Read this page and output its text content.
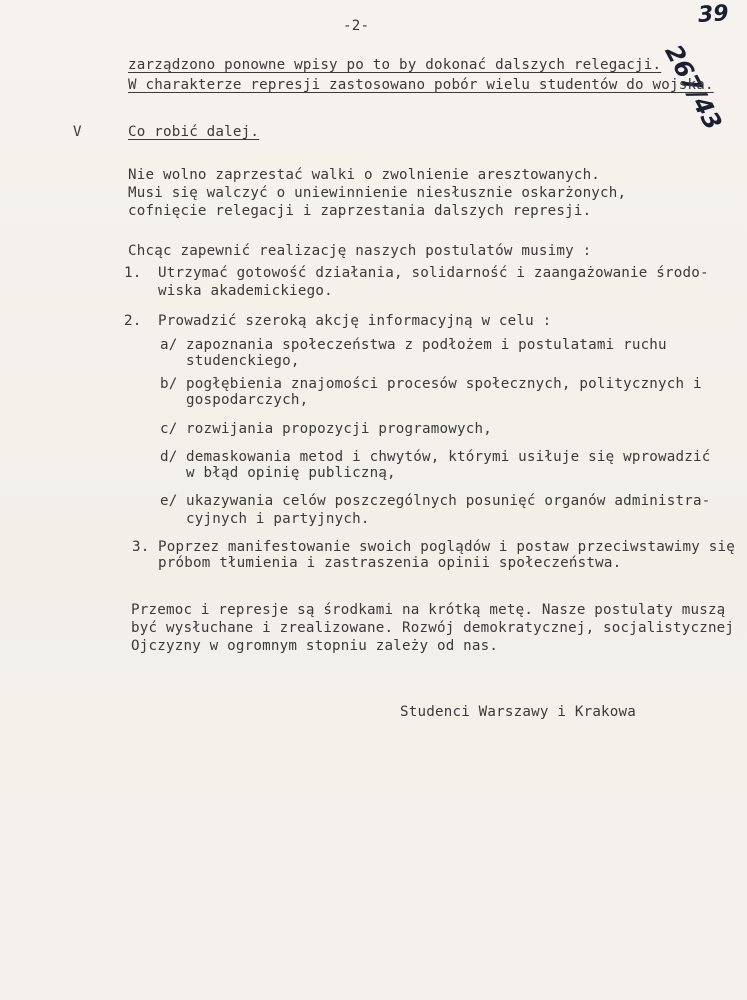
-2-	39
267/43
zarządzono ponowne wpisy po to by dokonać dalszych relegacji.
W charakterze represji zastosowano pobór wielu studentów do wojska.
V	Co robić dalej.
Nie wolno zaprzestać walki o zwolnienie aresztowanych.
Musi się walczyć o uniewinnienie niesłusznie oskarżonych,
cofnięcie relegacji i zaprzestania dalszych represji.
Chcąc zapewnić realizację naszych postulatów musimy :
1. Utrzymać gotowość działania, solidarność i zaangażowanie środo-
wiska akademickiego.
2. Prowadzić szeroką akcję informacyjną w celu :
a/ zapoznania społeczeństwa z podłożem i postulatami ruchu
studenckiego,
b/ pogłębienia znajomości procesów społecznych, politycznych i
gospodarczych,
c/ rozwijania propozycji programowych,
d/ demaskowania metod i chwytów, którymi usiłuje się wprowadzić
w błąd opinię publiczną,
e/ ukazywania celów poszczególnych posunięć organów administra-
cyjnych i partyjnych.
3. Poprzez manifestowanie swoich poglądów i postaw przeciwstawimy się
próbom tłumienia i zastraszenia opinii społeczeństwa.
Przemoc i represje są środkami na krótką metę. Nasze postulaty muszą
być wysłuchane i zrealizowane. Rozwój demokratycznej, socjalistycznej
Ojczyzny w ogromnym stopniu zależy od nas.
Studenci Warszawy i Krakowa
